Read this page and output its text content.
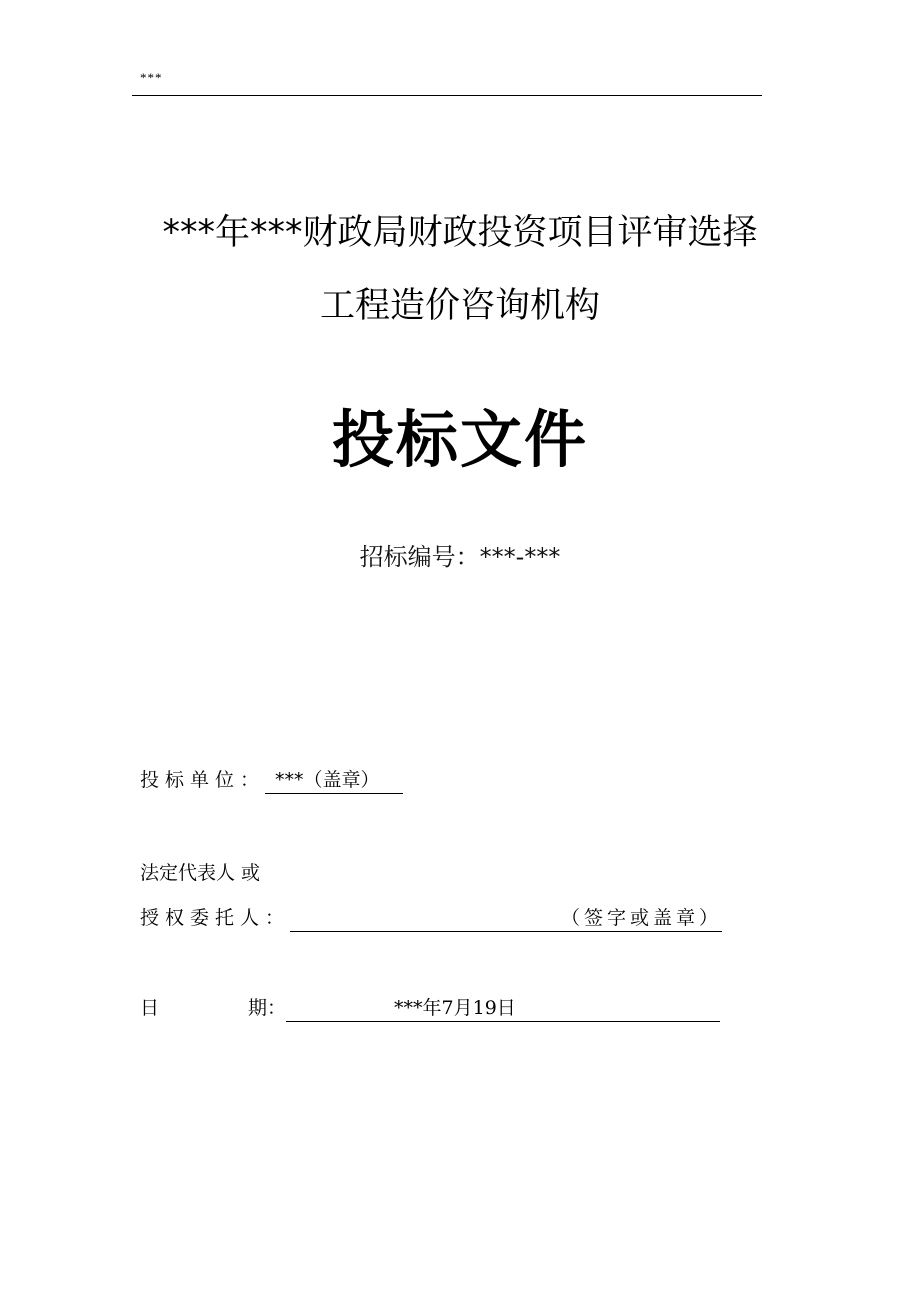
***
***年***财政局财政投资项目评审选择
工程造价咨询机构
投标文件
招标编号：***-***
投标单位： ***（盖章）
法定代表人 或
授权委托人：	（签字或盖章）
日	期：	***年7月19日
